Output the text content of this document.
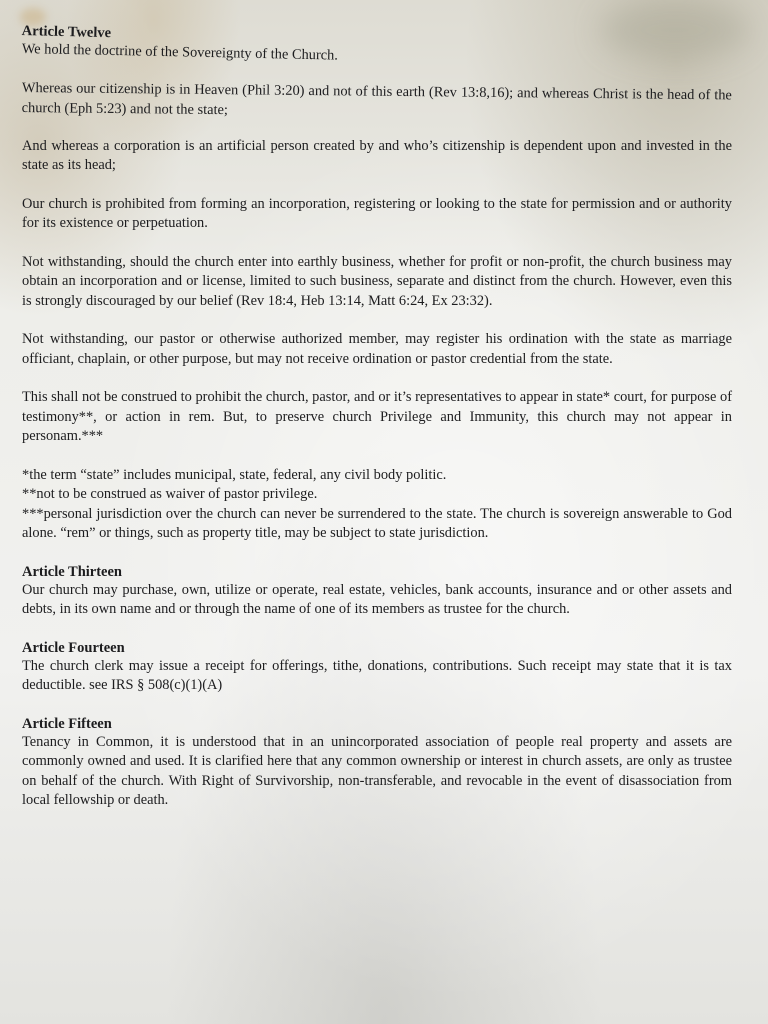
Article Twelve

We hold the doctrine of the Sovereignty of the Church.

Whereas our citizenship is in Heaven (Phil 3:20) and not of this earth (Rev 13:8,16); and whereas Christ is the head of the church (Eph 5:23) and not the state;

And whereas a corporation is an artificial person created by and who’s citizenship is dependent upon and invested in the state as its head;

Our church is prohibited from forming an incorporation, registering or looking to the state for permission and or authority for its existence or perpetuation.

Not withstanding, should the church enter into earthly business, whether for profit or non-profit, the church business may obtain an incorporation and or license, limited to such business, separate and distinct from the church. However, even this is strongly discouraged by our belief (Rev 18:4, Heb 13:14, Matt 6:24, Ex 23:32).

Not withstanding, our pastor or otherwise authorized member, may register his ordination with the state as marriage officiant, chaplain, or other purpose, but may not receive ordination or pastor credential from the state.

This shall not be construed to prohibit the church, pastor, and or it’s representatives to appear in state* court, for purpose of testimony**, or action in rem. But, to preserve church Privilege and Immunity, this church may not appear in personam.***

*the term “state” includes municipal, state, federal, any civil body politic.

**not to be construed as waiver of pastor privilege.

***personal jurisdiction over the church can never be surrendered to the state. The church is sovereign answerable to God alone. “rem” or things, such as property title, may be subject to state jurisdiction.

Article Thirteen

Our church may purchase, own, utilize or operate, real estate, vehicles, bank accounts, insurance and or other assets and debts, in its own name and or through the name of one of its members as trustee for the church.

Article Fourteen

The church clerk may issue a receipt for offerings, tithe, donations, contributions. Such receipt may state that it is tax deductible. see IRS § 508(c)(1)(A)

Article Fifteen

Tenancy in Common, it is understood that in an unincorporated association of people real property and assets are commonly owned and used. It is clarified here that any common ownership or interest in church assets, are only as trustee on behalf of the church. With Right of Survivorship, non-transferable, and revocable in the event of disassociation from local fellowship or death.
